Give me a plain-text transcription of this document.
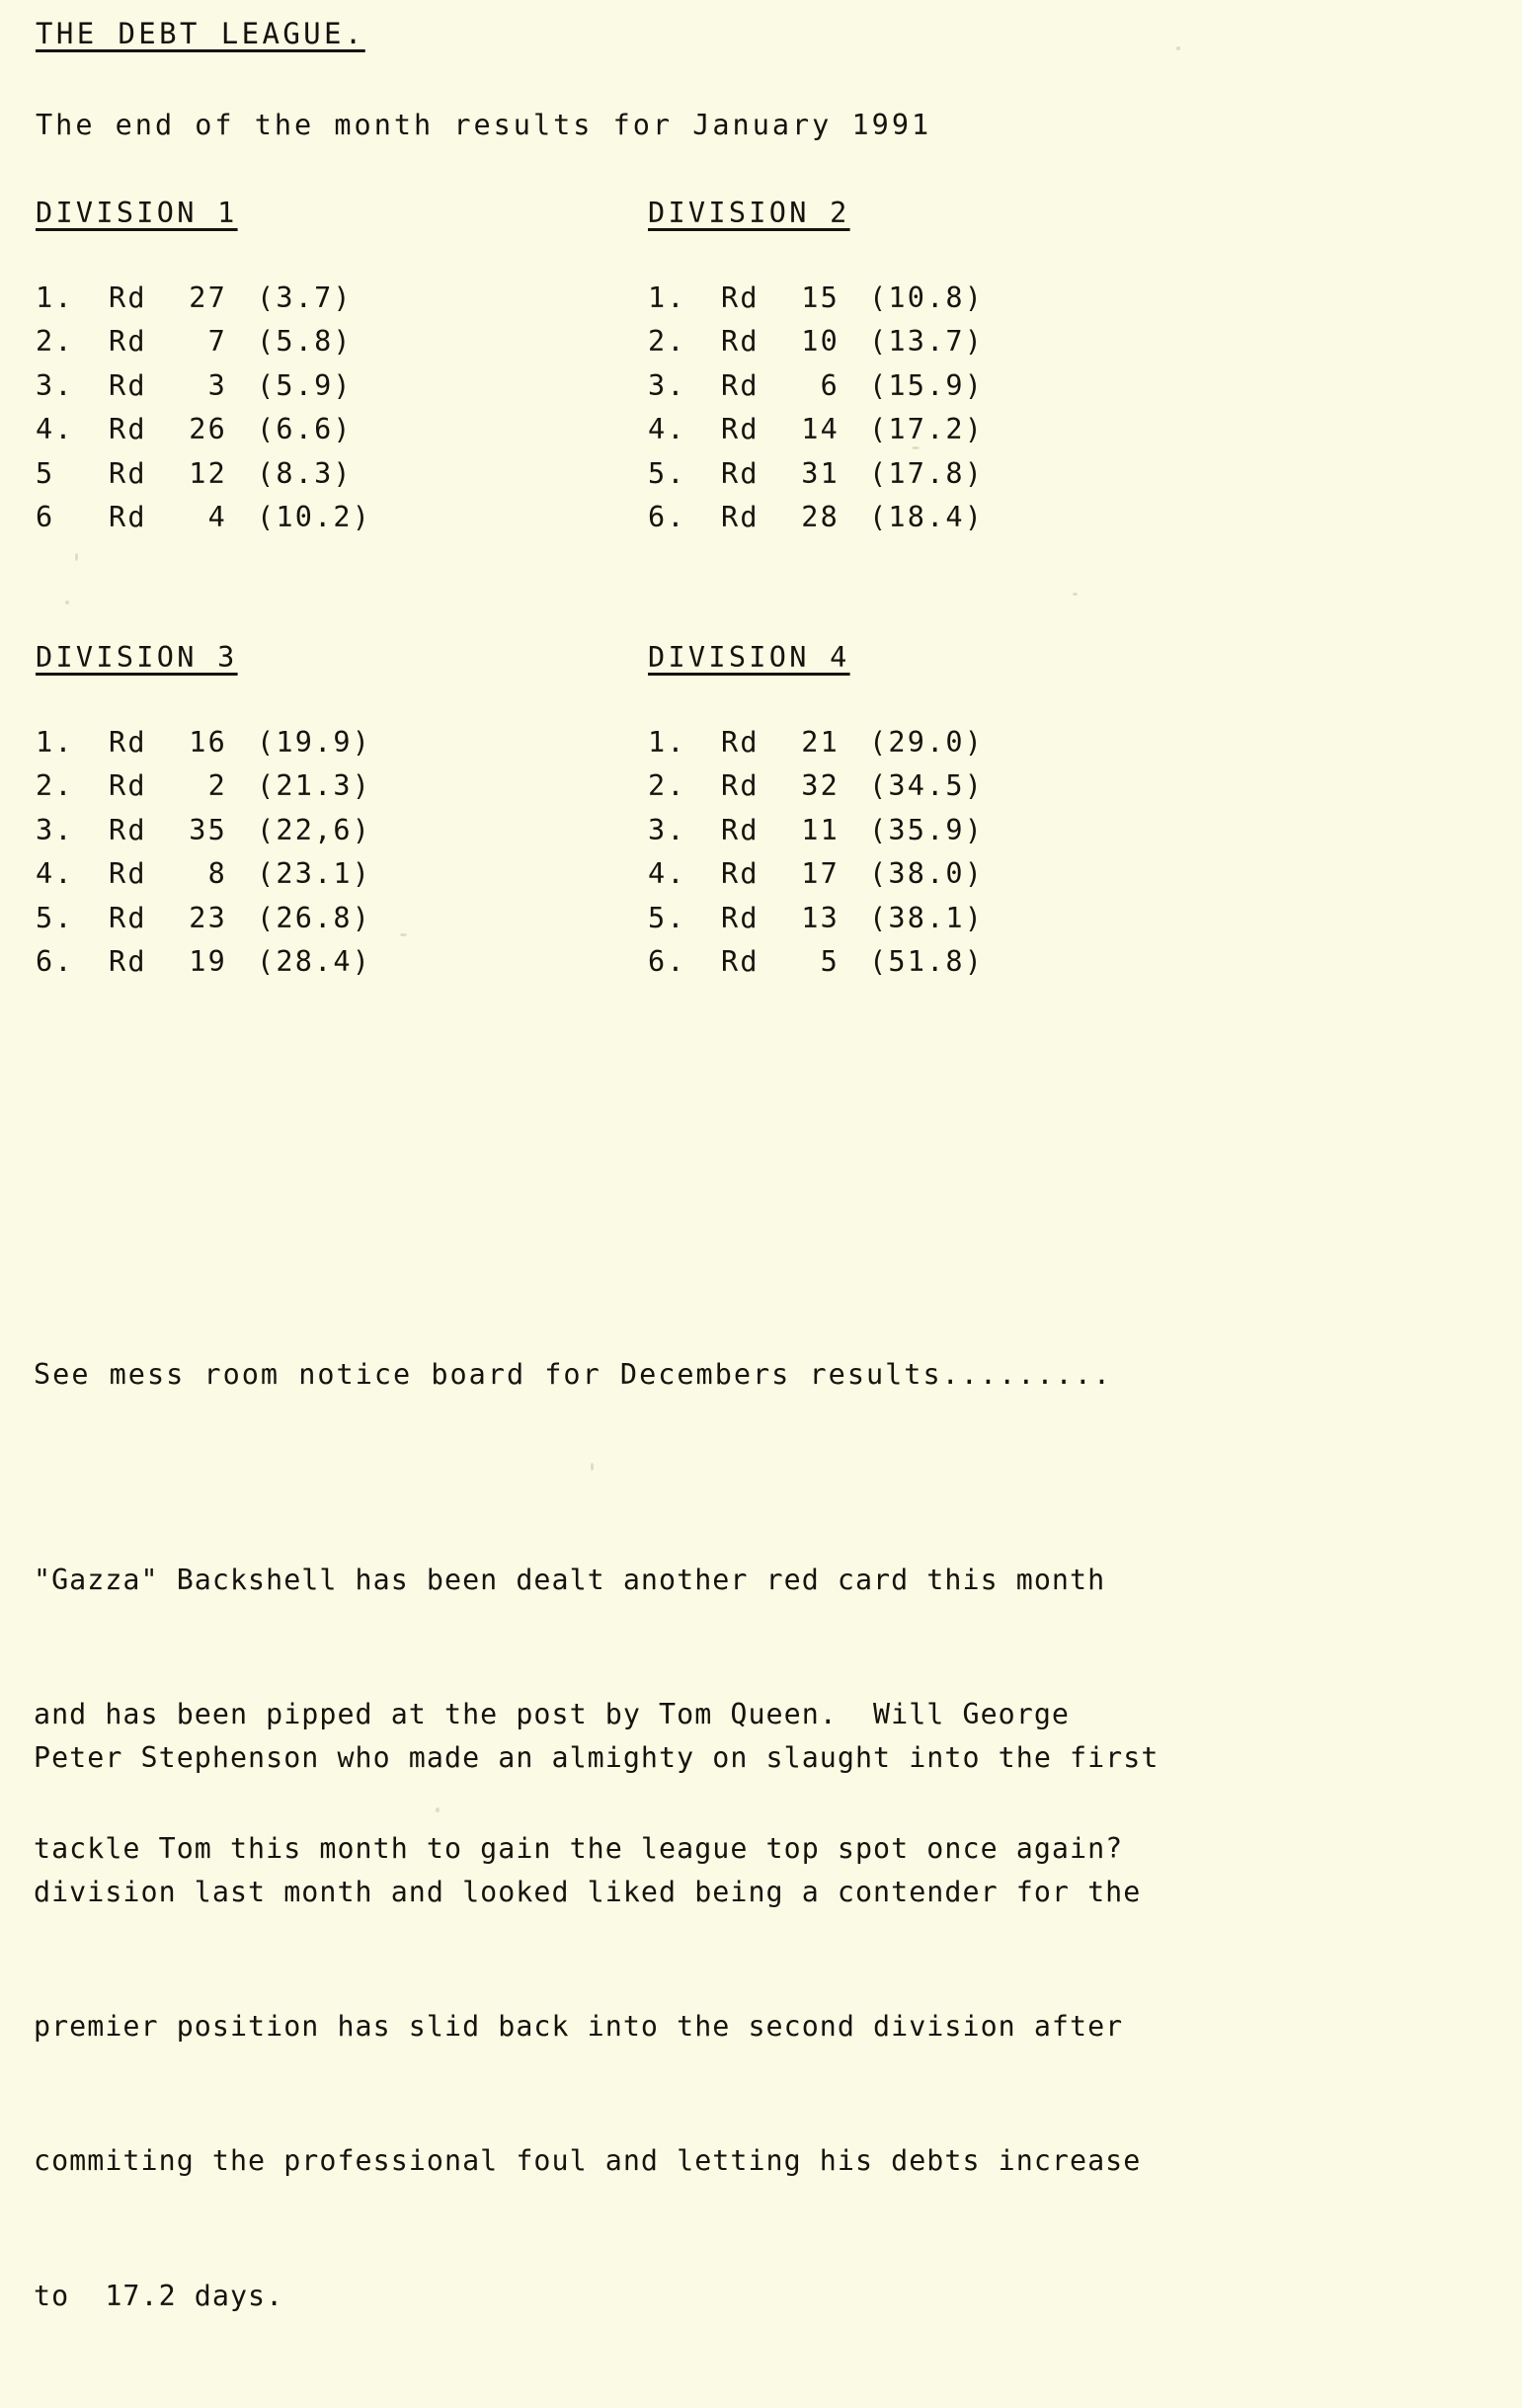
THE DEBT LEAGUE.
The end of the month results for January 1991
DIVISION 1
1.	Rd	27	(3.7)
2.	Rd	7	(5.8)
3.	Rd	3	(5.9)
4.	Rd	26	(6.6)
5	Rd	12	(8.3)
6	Rd	4	(10.2)
DIVISION 2
1.	Rd	15	(10.8)
2.	Rd	10	(13.7)
3.	Rd	6	(15.9)
4.	Rd	14	(17.2)
5.	Rd	31	(17.8)
6.	Rd	28	(18.4)
DIVISION 3
1.	Rd	16	(19.9)
2.	Rd	2	(21.3)
3.	Rd	35	(22,6)
4.	Rd	8	(23.1)
5.	Rd	23	(26.8)
6.	Rd	19	(28.4)
DIVISION 4
1.	Rd	21	(29.0)
2.	Rd	32	(34.5)
3.	Rd	11	(35.9)
4.	Rd	17	(38.0)
5.	Rd	13	(38.1)
6.	Rd	5	(51.8)
See mess room notice board for Decembers results.........

"Gazza" Backshell has been dealt another red card this month

and has been pipped at the post by Tom Queen.  Will George

tackle Tom this month to gain the league top spot once again?

Peter Stephenson who made an almighty on slaught into the first

division last month and looked liked being a contender for the

premier position has slid back into the second division after

commiting the professional foul and letting his debts increase

to  17.2 days.
